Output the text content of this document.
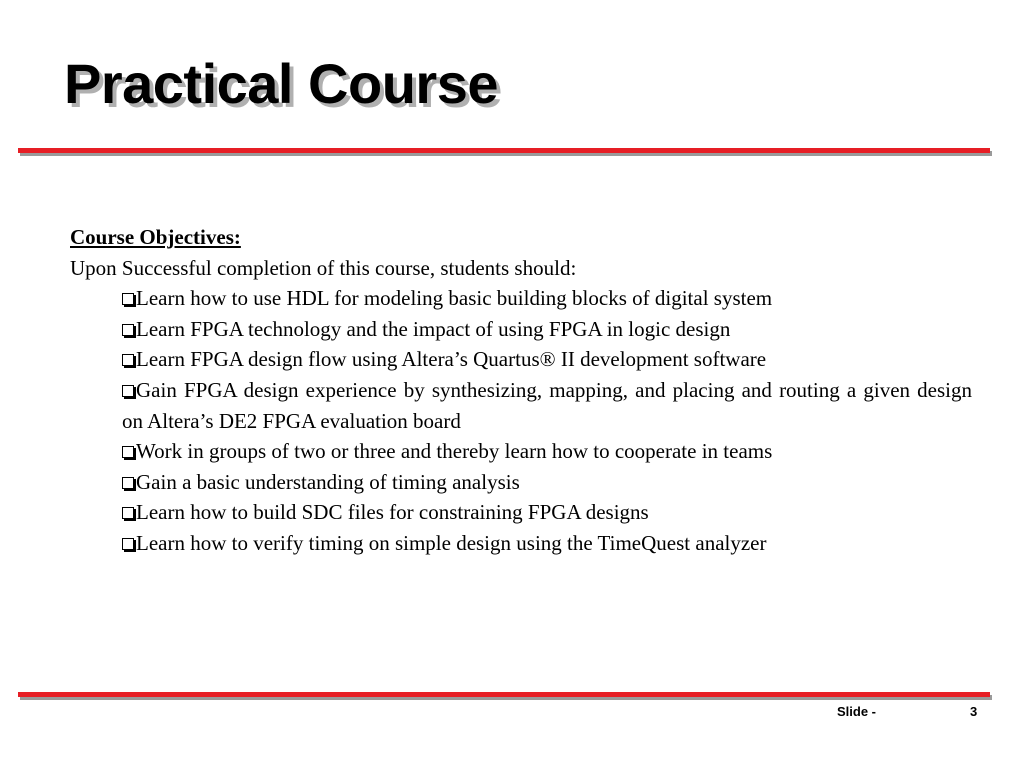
Practical Course

Course Objectives:

Upon Successful completion of this course, students should:

Learn how to use HDL for modeling basic building blocks of digital system
Learn FPGA technology and the impact of using FPGA in logic design
Learn FPGA design flow using Altera’s Quartus® II development software
Gain FPGA design experience by synthesizing, mapping, and placing and routing a given design on Altera’s DE2 FPGA evaluation board
Work in groups of two or three and thereby learn how to cooperate in teams
Gain a basic understanding of timing analysis
Learn how to build SDC files for constraining FPGA designs
Learn how to verify timing on simple design using the TimeQuest analyzer
Slide -	3
